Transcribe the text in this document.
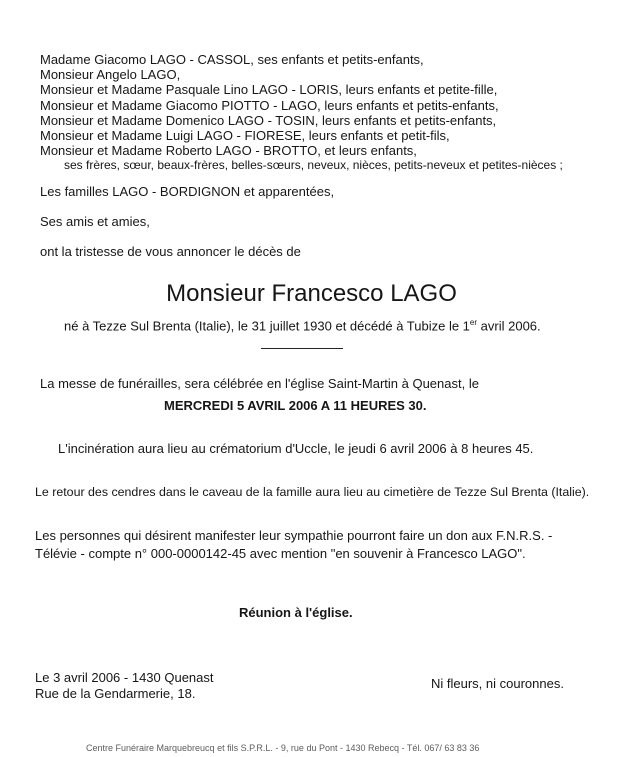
Madame Giacomo LAGO - CASSOL, ses enfants et petits-enfants,
Monsieur Angelo LAGO,
Monsieur et Madame Pasquale Lino LAGO - LORIS, leurs enfants et petite-fille,
Monsieur et Madame Giacomo PIOTTO - LAGO, leurs enfants et petits-enfants,
Monsieur et Madame Domenico LAGO - TOSIN, leurs enfants et petits-enfants,
Monsieur et Madame Luigi LAGO - FIORESE, leurs enfants et petit-fils,
Monsieur et Madame Roberto LAGO - BROTTO, et leurs enfants,
ses frères, sœur, beaux-frères, belles-sœurs, neveux, nièces, petits-neveux et petites-nièces ;
Les familles LAGO - BORDIGNON et apparentées,
Ses amis et amies,
ont la tristesse de vous annoncer le décès de
Monsieur Francesco LAGO
né à Tezze Sul Brenta (Italie), le 31 juillet 1930 et décédé à Tubize le 1er avril 2006.
La messe de funérailles, sera célébrée en l'église Saint-Martin à Quenast, le
MERCREDI 5 AVRIL 2006 A 11 HEURES 30.
L'incinération aura lieu au crématorium d'Uccle, le jeudi 6 avril 2006 à 8 heures 45.
Le retour des cendres dans le caveau de la famille aura lieu au cimetière de Tezze Sul Brenta (Italie).
Les personnes qui désirent manifester leur sympathie pourront faire un don aux F.N.R.S. -
Télévie - compte n° 000-0000142-45 avec mention "en souvenir à Francesco LAGO".
Réunion à l'église.
Le 3 avril 2006 - 1430 Quenast
Rue de la Gendarmerie, 18.
Ni fleurs, ni couronnes.
Centre Funéraire Marquebreucq et fils S.P.R.L. - 9, rue du Pont - 1430 Rebecq - Tél. 067/ 63 83 36
